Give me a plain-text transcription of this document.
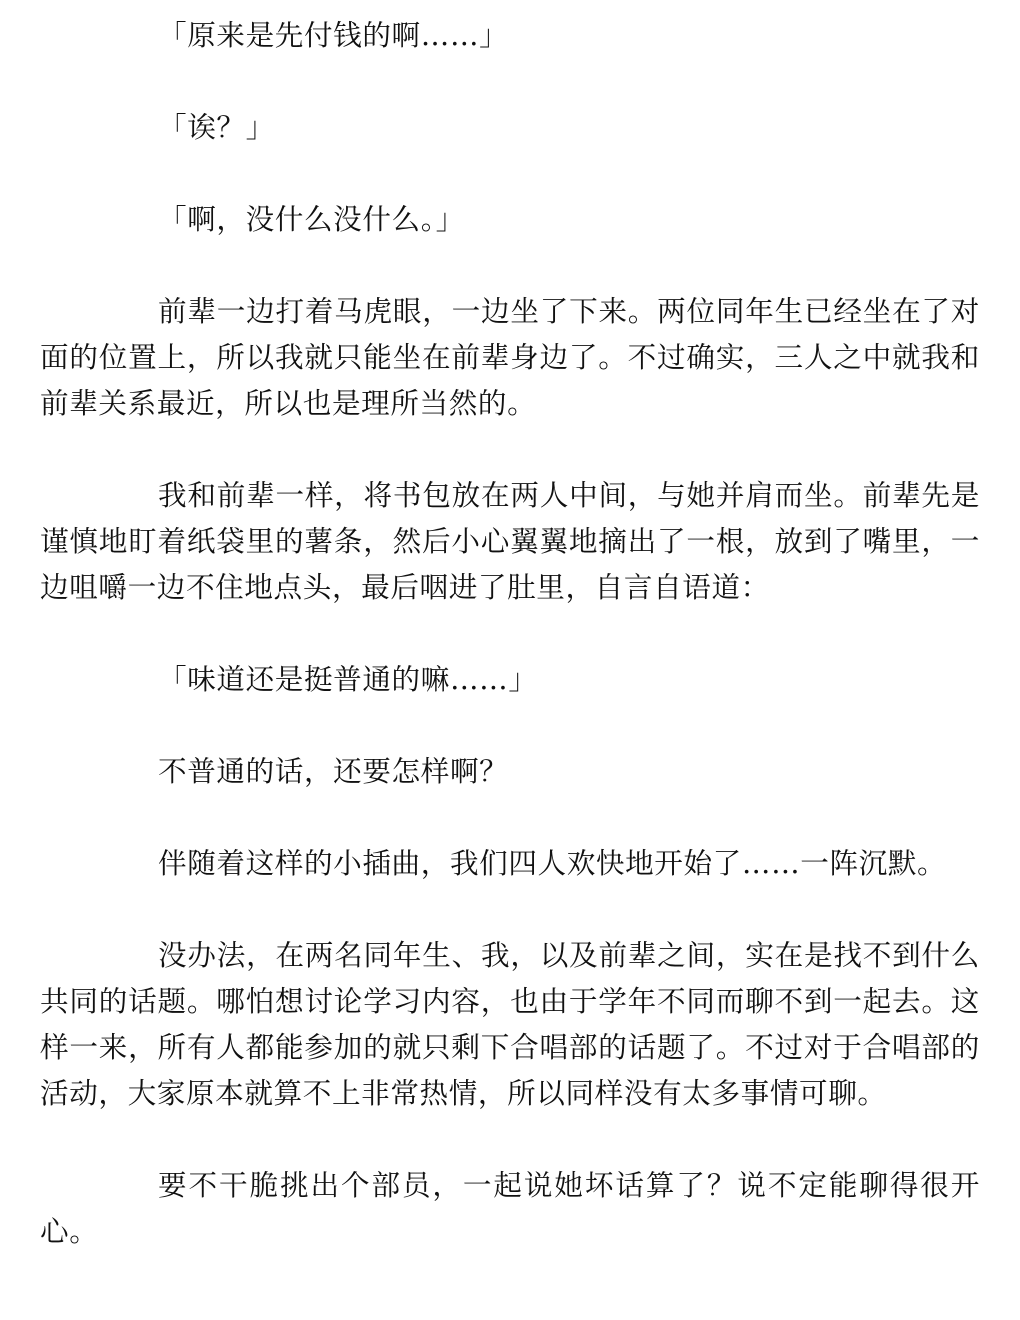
「原来是先付钱的啊……」

「诶？」

「啊，没什么没什么。」

前辈一边打着马虎眼，一边坐了下来。两位同年生已经坐在了对面的位置上，所以我就只能坐在前辈身边了。不过确实，三人之中就我和前辈关系最近，所以也是理所当然的。

我和前辈一样，将书包放在两人中间，与她并肩而坐。前辈先是谨慎地盯着纸袋里的薯条，然后小心翼翼地摘出了一根，放到了嘴里，一边咀嚼一边不住地点头，最后咽进了肚里，自言自语道：

「味道还是挺普通的嘛……」

不普通的话，还要怎样啊？

伴随着这样的小插曲，我们四人欢快地开始了……一阵沉默。

没办法，在两名同年生、我，以及前辈之间，实在是找不到什么共同的话题。哪怕想讨论学习内容，也由于学年不同而聊不到一起去。这样一来，所有人都能参加的就只剩下合唱部的话题了。不过对于合唱部的活动，大家原本就算不上非常热情，所以同样没有太多事情可聊。

要不干脆挑出个部员，一起说她坏话算了？说不定能聊得很开心。
